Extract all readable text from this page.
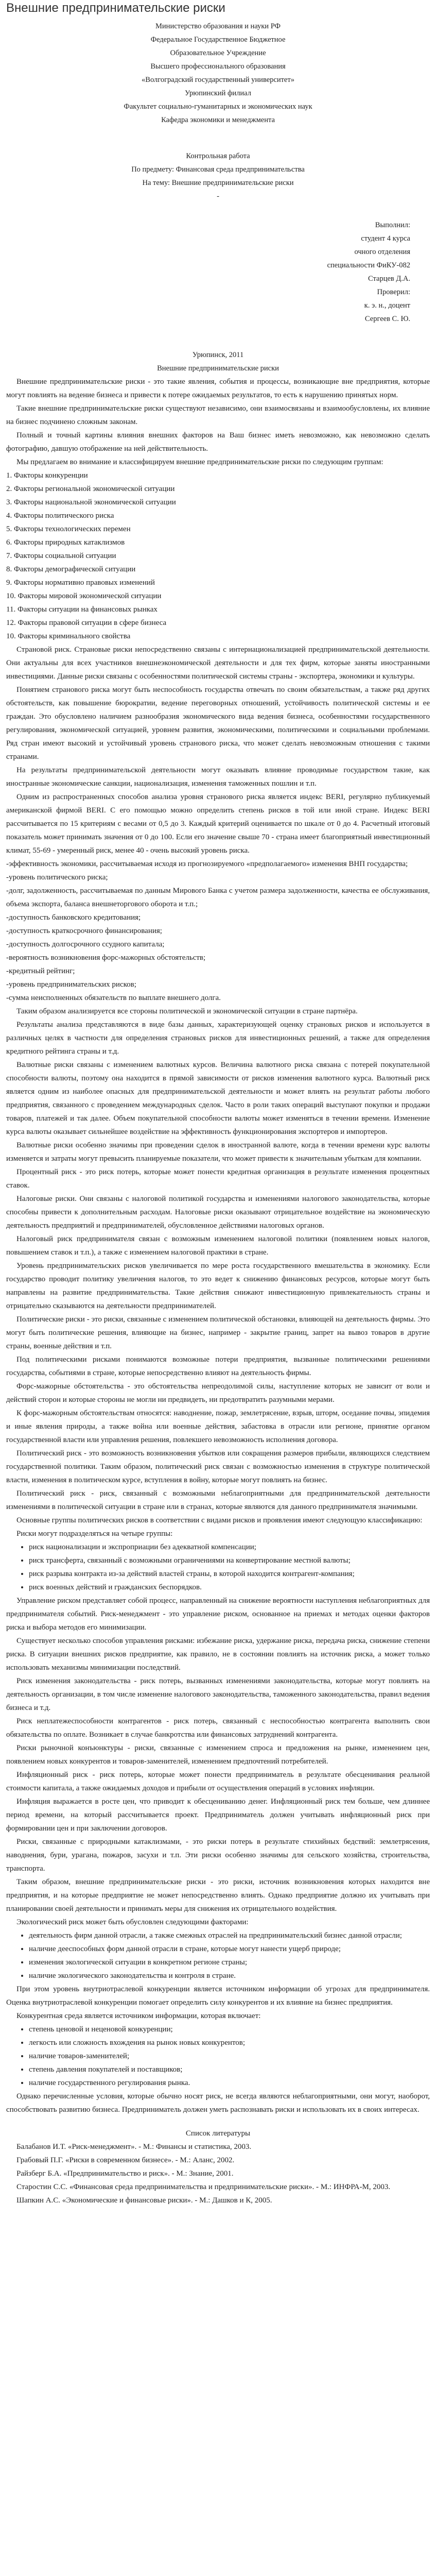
Внешние предпринимательские риски
Министерство образования и науки РФ
Федеральное Государственное Бюджетное
Образовательное Учреждение
Высшего профессионального образования
«Волгоградский государственный университет»
Урюпинский филиал
Факультет социально-гуманитарных и экономических наук
Кафедра экономики и менеджмента
Контрольная работа
По предмету: Финансовая среда предпринимательства
На тему: Внешние предпринимательские риски
-
Выполнил:
студент 4 курса
очного отделения
специальности ФиКУ-082
Старцев Д.А.
Проверил:
к. э. н., доцент
Сергеев С. Ю.
Урюпинск, 2011
Внешние предпринимательские риски

Внешние предпринимательские риски - это такие явления, события и процессы, возникающие вне предприятия, которые могут повлиять на ведение бизнеса и привести к потере ожидаемых результатов, то есть к нарушению принятых норм.

Такие внешние предпринимательские риски существуют независимо, они взаимосвязаны и взаимообусловлены, их влияние на бизнес подчинено сложным законам.

Полный и точный картины влияния внешних факторов на Ваш бизнес иметь невозможно, как невозможно сделать фотографию, давшую отображение на ней действительность.

Мы предлагаем во внимание и классифицируем внешние предпринимательские риски по следующим группам:

1. Факторы конкуренции

2. Факторы региональной экономической ситуации

3. Факторы национальной экономической ситуации

4. Факторы политического риска

5. Факторы технологических перемен

6. Факторы природных катаклизмов

7. Факторы социальной ситуации

8. Факторы демографической ситуации

9. Факторы нормативно правовых изменений

10. Факторы мировой экономической ситуации

11. Факторы ситуации на финансовых рынках

12. Факторы правовой ситуации в сфере бизнеса

10. Факторы криминального свойства

Страновой риск. Страновые риски непосредственно связаны с интернационализацией предпринимательской деятельности. Они актуальны для всех участников внешнеэкономической деятельности и для тех фирм, которые заняты иностранными инвестициями. Данные риски связаны с особенностями политической системы страны - экспортера, экономики и культуры.

Понятием странового риска могут быть неспособность государства отвечать по своим обязательствам, а также ряд других обстоятельств, как повышение бюрократии, ведение переговорных отношений, устойчивость политической системы и ее граждан. Это обусловлено наличием разнообразия экономического вида ведения бизнеса, особенностями государственного регулирования, экономической ситуацией, уровнем развития, экономическими, политическими и социальными проблемами. Ряд стран имеют высокий и устойчивый уровень странового риска, что может сделать невозможным отношения с такими странами.

На результаты предпринимательской деятельности могут оказывать влияние проводимые государством такие, как иностранные экономические санкции, национализация, изменения таможенных пошлин и т.п.

Одним из распространенных способов анализа уровня странового риска является индекс BERI, регулярно публикуемый американской фирмой BERI. С его помощью можно определить степень рисков в той или иной стране. Индекс BERI рассчитывается по 15 критериям с весами от 0,5 до 3. Каждый критерий оценивается по шкале от 0 до 4. Расчетный итоговый показатель может принимать значения от 0 до 100. Если его значение свыше 70 - страна имеет благоприятный инвестиционный климат, 55-69 - умеренный риск, менее 40 - очень высокий уровень риска.

-эффективность экономики, рассчитываемая исходя из прогнозируемого «предполагаемого» изменения ВНП государства;

-уровень политического риска;

-долг, задолженность, рассчитываемая по данным Мирового Банка с учетом размера задолженности, качества ее обслуживания, объема экспорта, баланса внешнеторгового оборота и т.п.;

-доступность банковского кредитования;

-доступность краткосрочного финансирования;

-доступность долгосрочного ссудного капитала;

-вероятность возникновения форс-мажорных обстоятельств;

-кредитный рейтинг;

-уровень предпринимательских рисков;

-сумма неисполненных обязательств по выплате внешнего долга.

Таким образом анализируется все стороны политической и экономической ситуации в стране партнёра.

Результаты анализа представляются в виде базы данных, характеризующей оценку страновых рисков и используется в различных целях в частности для определения страновых рисков для инвестиционных решений, а также для определения кредитного рейтинга страны и т.д.

Валютные риски связаны с изменением валютных курсов. Величина валютного риска связана с потерей покупательной способности валюты, поэтому она находится в прямой зависимости от рисков изменения валютного курса. Валютный риск является одним из наиболее опасных для предпринимательской деятельности и может влиять на результат работы любого предприятия, связанного с проведением международных сделок. Часто в роли таких операций выступают покупки и продажи товаров, платежей и так далее. Объем покупательной способности валюты может изменяться в течении времени. Изменение курса валюты оказывает сильнейшее воздействие на эффективность функционирования экспортеров и импортеров.

Валютные риски особенно значимы при проведении сделок в иностранной валюте, когда в течении времени курс валюты изменяется и затраты могут превысить планируемые показатели, что может привести к значительным убыткам для компании.

Процентный риск - это риск потерь, которые может понести кредитная организация в результате изменения процентных ставок.

Налоговые риски. Они связаны с налоговой политикой государства и изменениями налогового законодательства, которые способны привести к дополнительным расходам. Налоговые риски оказывают отрицательное воздействие на экономическую деятельность предприятий и предпринимателей, обусловленное действиями налоговых органов.

Налоговый риск предпринимателя связан с возможным изменением налоговой политики (появлением новых налогов, повышением ставок и т.п.), а также с изменением налоговой практики в стране.

Уровень предпринимательских рисков увеличивается по мере роста государственного вмешательства в экономику. Если государство проводит политику увеличения налогов, то это ведет к снижению финансовых ресурсов, которые могут быть направлены на развитие предпринимательства. Такие действия снижают инвестиционную привлекательность страны и отрицательно сказываются на деятельности предпринимателей.

Политические риски - это риски, связанные с изменением политической обстановки, влияющей на деятельность фирмы. Это могут быть политические решения, влияющие на бизнес, например - закрытие границ, запрет на вывоз товаров в другие страны, военные действия и т.п.

Под политическими рисками понимаются возможные потери предприятия, вызванные политическими решениями государства, событиями в стране, которые непосредственно влияют на деятельность фирмы.

Форс-мажорные обстоятельства - это обстоятельства непреодолимой силы, наступление которых не зависит от воли и действий сторон и которые стороны не могли ни предвидеть, ни предотвратить разумными мерами.

К форс-мажорным обстоятельствам относятся: наводнение, пожар, землетрясение, взрыв, шторм, оседание почвы, эпидемия и иные явления природы, а также война или военные действия, забастовка в отрасли или регионе, принятие органом государственной власти или управления решения, повлекшего невозможность исполнения договора.

Политический риск - это возможность возникновения убытков или сокращения размеров прибыли, являющихся следствием государственной политики. Таким образом, политический риск связан с возможностью изменения в структуре политической власти, изменения в политическом курсе, вступления в войну, которые могут повлиять на бизнес.

Политический риск - риск, связанный с возможными неблагоприятными для предпринимательской деятельности изменениями в политической ситуации в стране или в странах, которые являются для данного предпринимателя значимыми.

Основные группы политических рисков в соответствии с видами рисков и проявления имеют следующую классификацию:

Риски могут подразделяться на четыре группы:

• риск национализации и экспроприации без адекватной компенсации;
• риск трансферта, связанный с возможными ограничениями на конвертирование местной валюты;
• риск разрыва контракта из-за действий властей страны, в которой находится контрагент-компания;
• риск военных действий и гражданских беспорядков.

Управление риском представляет собой процесс, направленный на снижение вероятности наступления неблагоприятных для предпринимателя событий. Риск-менеджмент - это управление риском, основанное на приемах и методах оценки факторов риска и выбора методов его минимизации.

Существует несколько способов управления рисками: избежание риска, удержание риска, передача риска, снижение степени риска. В ситуации внешних рисков предприятие, как правило, не в состоянии повлиять на источник риска, а может только использовать механизмы минимизации последствий.

Риск изменения законодательства - риск потерь, вызванных изменениями законодательства, которые могут повлиять на деятельность организации, в том числе изменение налогового законодательства, таможенного законодательства, правил ведения бизнеса и т.д.

Риск неплатежеспособности контрагентов - риск потерь, связанный с неспособностью контрагента выполнить свои обязательства по оплате. Возникает в случае банкротства или финансовых затруднений контрагента.

Риски рыночной конъюнктуры - риски, связанные с изменением спроса и предложения на рынке, изменением цен, появлением новых конкурентов и товаров-заменителей, изменением предпочтений потребителей.

Инфляционный риск - риск потерь, которые может понести предприниматель в результате обесценивания реальной стоимости капитала, а также ожидаемых доходов и прибыли от осуществления операций в условиях инфляции.

Инфляция выражается в росте цен, что приводит к обесцениванию денег. Инфляционный риск тем больше, чем длиннее период времени, на который рассчитывается проект. Предприниматель должен учитывать инфляционный риск при формировании цен и при заключении договоров.

Риски, связанные с природными катаклизмами, - это риски потерь в результате стихийных бедствий: землетрясения, наводнения, бури, урагана, пожаров, засухи и т.п. Эти риски особенно значимы для сельского хозяйства, строительства, транспорта.

Таким образом, внешние предпринимательские риски - это риски, источник возникновения которых находится вне предприятия, и на которые предприятие не может непосредственно влиять. Однако предприятие должно их учитывать при планировании своей деятельности и принимать меры для снижения их отрицательного воздействия.

Экологический риск может быть обусловлен следующими факторами:

• деятельность фирм данной отрасли, а также смежных отраслей на предпринимательский бизнес данной отрасли;
• наличие дееспособных форм данной отрасли в стране, которые могут нанести ущерб природе;
• изменения экологической ситуации в конкретном регионе страны;
• наличие экологического законодательства и контроля в стране.

При этом уровень внутриотраслевой конкуренции является источником информации об угрозах для предпринимателя. Оценка внутриотраслевой конкуренции помогает определить силу конкурентов и их влияние на бизнес предприятия.

Конкурентная среда является источником информации, которая включает:

• степень ценовой и неценовой конкуренции;
• легкость или сложность вхождения на рынок новых конкурентов;
• наличие товаров-заменителей;
• степень давления покупателей и поставщиков;
• наличие государственного регулирования рынка.

Однако перечисленные условия, которые обычно носят риск, не всегда являются неблагоприятными, они могут, наоборот, способствовать развитию бизнеса. Предприниматель должен уметь распознавать риски и использовать их в своих интересах.

Список литературы

Балабанов И.Т. «Риск-менеджмент». - М.: Финансы и статистика, 2003.

Грабовый П.Г. «Риски в современном бизнесе». - М.: Аланс, 2002.

Райзберг Б.А. «Предпринимательство и риск». - М.: Знание, 2001.

Старостин С.С. «Финансовая среда предпринимательства и предпринимательские риски». - М.: ИНФРА-М, 2003.

Шапкин А.С. «Экономические и финансовые риски». - М.: Дашков и К, 2005.
